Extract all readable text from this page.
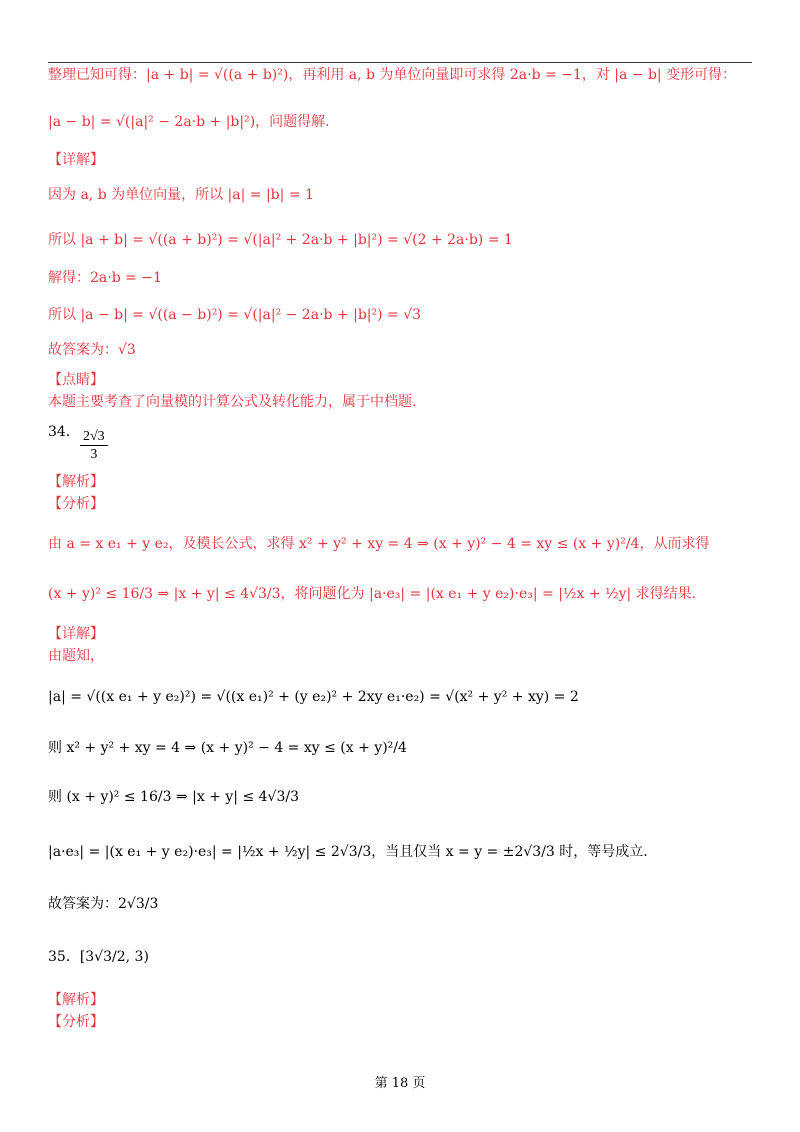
整理已知可得：|a + b| = √((a + b)²)，再利用 a, b 为单位向量即可求得 2a·b = −1，对 |a − b| 变形可得：
|a − b| = √(|a|² − 2a·b + |b|²)，问题得解.
【详解】
因为 a, b 为单位向量，所以 |a| = |b| = 1
所以 |a + b| = √((a + b)²) = √(|a|² + 2a·b + |b|²) = √(2 + 2a·b) = 1
解得：2a·b = −1
所以 |a − b| = √((a − b)²) = √(|a|² − 2a·b + |b|²) = √3
故答案为：√3
【点睛】
本题主要考查了向量模的计算公式及转化能力，属于中档题.
34．
【解析】
【分析】
由 a = x e₁ + y e₂，及模长公式，求得 x² + y² + xy = 4 ⇒ (x + y)² − 4 = xy ≤ (x + y)²/4，从而求得
(x + y)² ≤ 16/3 ⇒ |x + y| ≤ 4√3/3，将问题化为 |a·e₃| = |(x e₁ + y e₂)·e₃| = |½x + ½y| 求得结果.
【详解】
由题知，
|a| = √((x e₁ + y e₂)²) = √((x e₁)² + (y e₂)² + 2xy e₁·e₂) = √(x² + y² + xy) = 2
则 x² + y² + xy = 4 ⇒ (x + y)² − 4 = xy ≤ (x + y)²/4
则 (x + y)² ≤ 16/3 ⇒ |x + y| ≤ 4√3/3
|a·e₃| = |(x e₁ + y e₂)·e₃| = |½x + ½y| ≤ 2√3/3，当且仅当 x = y = ±2√3/3 时，等号成立.
故答案为：2√3/3
35．[3√3/2, 3)
【解析】
【分析】
$\frac{2√3}{3}$
第 18 页
